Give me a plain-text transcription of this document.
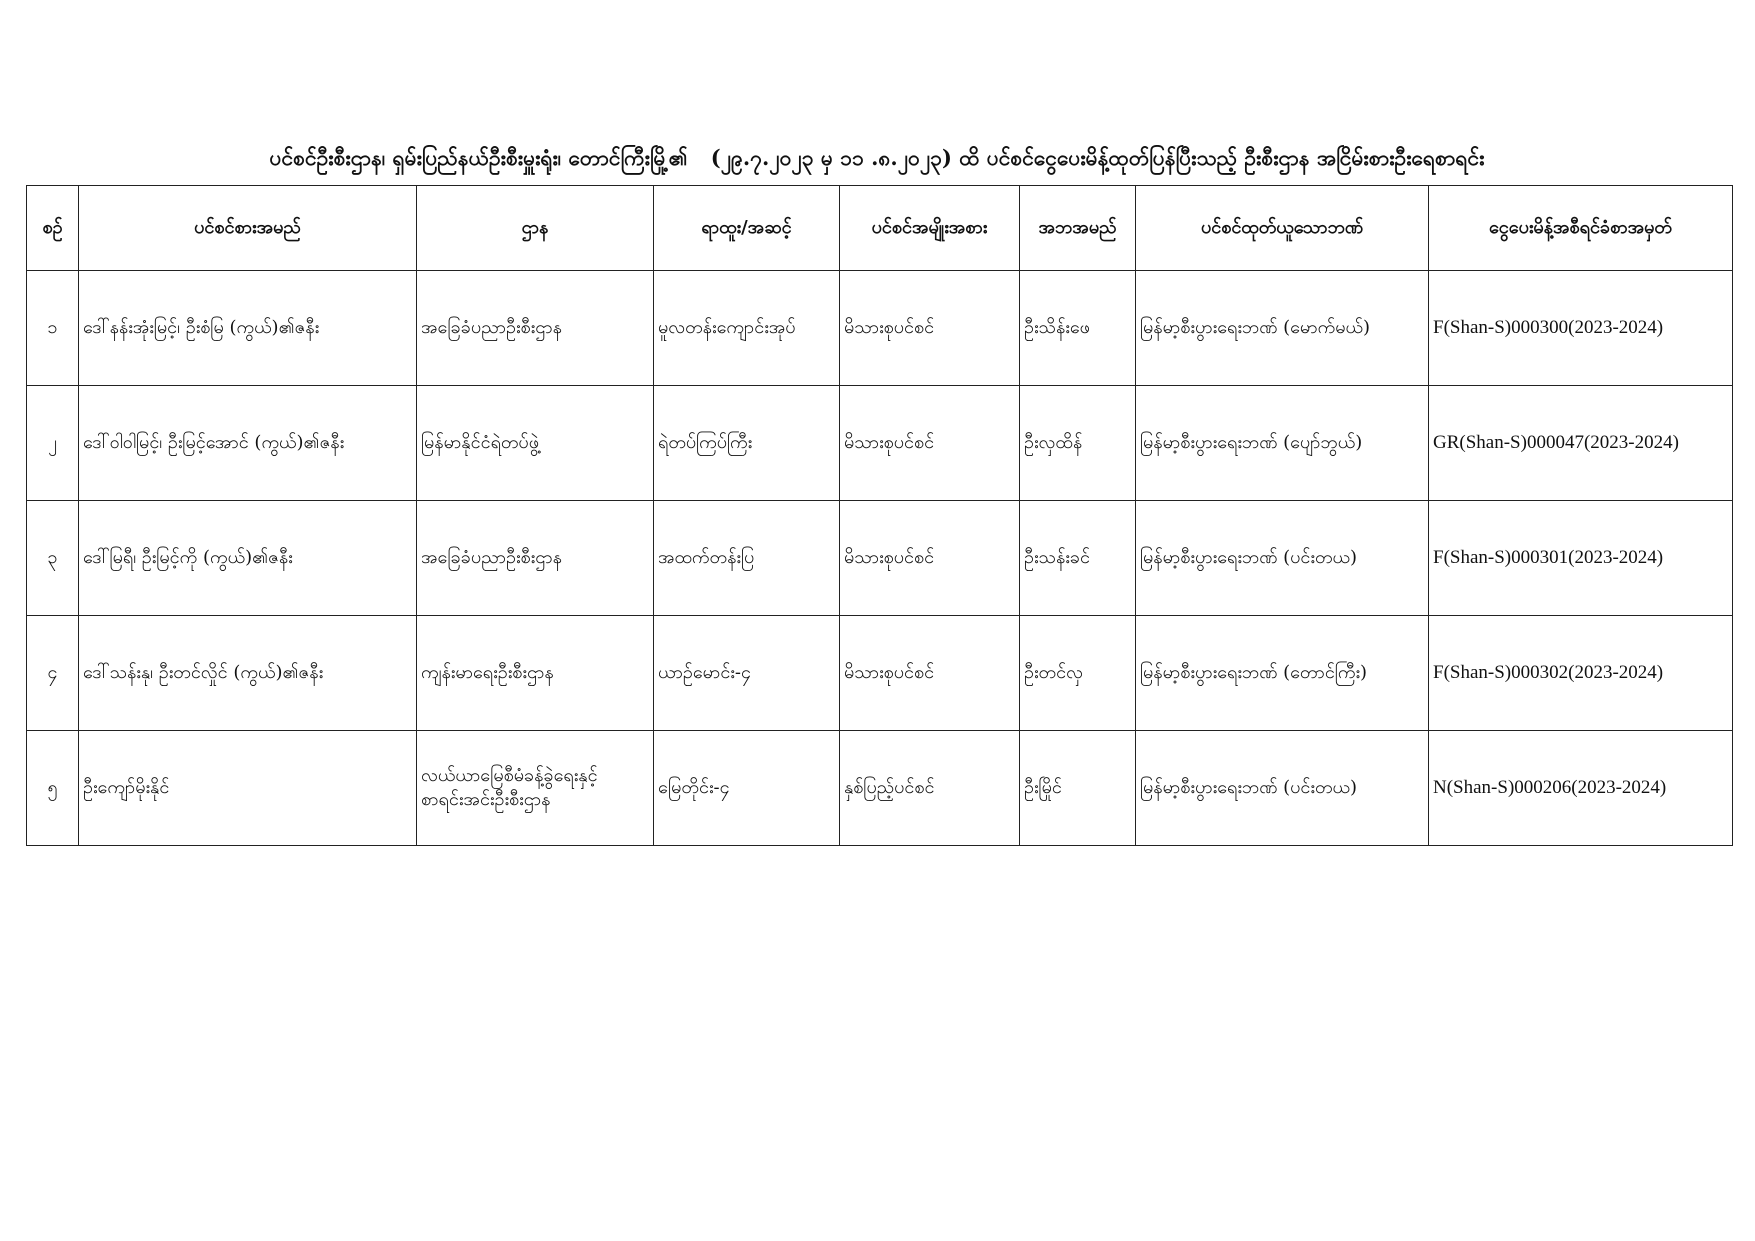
ပင်စင်ဦးစီးဌာန၊ ရှမ်းပြည်နယ်ဦးစီးမှူးရုံး၊ တောင်ကြီးမြို့၏ (၂၉.၇.၂၀၂၃ မှ ၁၁ .၈.၂၀၂၃) ထိ ပင်စင်ငွေပေးမိန့်ထုတ်ပြန်ပြီးသည့် ဦးစီးဌာန အငြိမ်းစားဦးရေစာရင်း
စဉ်	ပင်စင်စားအမည်	ဌာန	ရာထူး/အဆင့်	ပင်စင်အမျိုးအစား	အဘအမည်	ပင်စင်ထုတ်ယူသောဘဏ်	ငွေပေးမိန့်အစီရင်ခံစာအမှတ်
၁	ဒေါ်နန်းအုံးမြင့်၊ ဦးစံမြ (ကွယ်)၏ဇနီး	အခြေခံပညာဦးစီးဌာန	မူလတန်းကျောင်းအုပ်	မိသားစုပင်စင်	ဦးသိန်းဖေ	မြန်မာ့စီးပွားရေးဘဏ် (မောက်မယ်)	F(Shan-S)000300(2023-2024)
၂	ဒေါ်ဝါဝါမြင့်၊ ဦးမြင့်အောင် (ကွယ်)၏ဇနီး	မြန်မာနိုင်ငံရဲတပ်ဖွဲ့	ရဲတပ်ကြပ်ကြီး	မိသားစုပင်စင်	ဦးလှထိန်	မြန်မာ့စီးပွားရေးဘဏ် (ပျော်ဘွယ်)	GR(Shan-S)000047(2023-2024)
၃	ဒေါ်မြရီ၊ ဦးမြင့်ကို (ကွယ်)၏ဇနီး	အခြေခံပညာဦးစီးဌာန	အထက်တန်းပြ	မိသားစုပင်စင်	ဦးသန်းခင်	မြန်မာ့စီးပွားရေးဘဏ် (ပင်းတယ)	F(Shan-S)000301(2023-2024)
၄	ဒေါ်သန်းနု၊ ဦးတင်လှိုင် (ကွယ်)၏ဇနီး	ကျန်းမာရေးဦးစီးဌာန	ယာဉ်မောင်း-၄	မိသားစုပင်စင်	ဦးတင်လှ	မြန်မာ့စီးပွားရေးဘဏ် (တောင်ကြီး)	F(Shan-S)000302(2023-2024)
၅	ဦးကျော်မိုးနိုင်	လယ်ယာမြေစီမံခန့်ခွဲရေးနှင့် စာရင်းအင်းဦးစီးဌာန	မြေတိုင်း-၄	နှစ်ပြည့်ပင်စင်	ဦးမြိုင်	မြန်မာ့စီးပွားရေးဘဏ် (ပင်းတယ)	N(Shan-S)000206(2023-2024)
